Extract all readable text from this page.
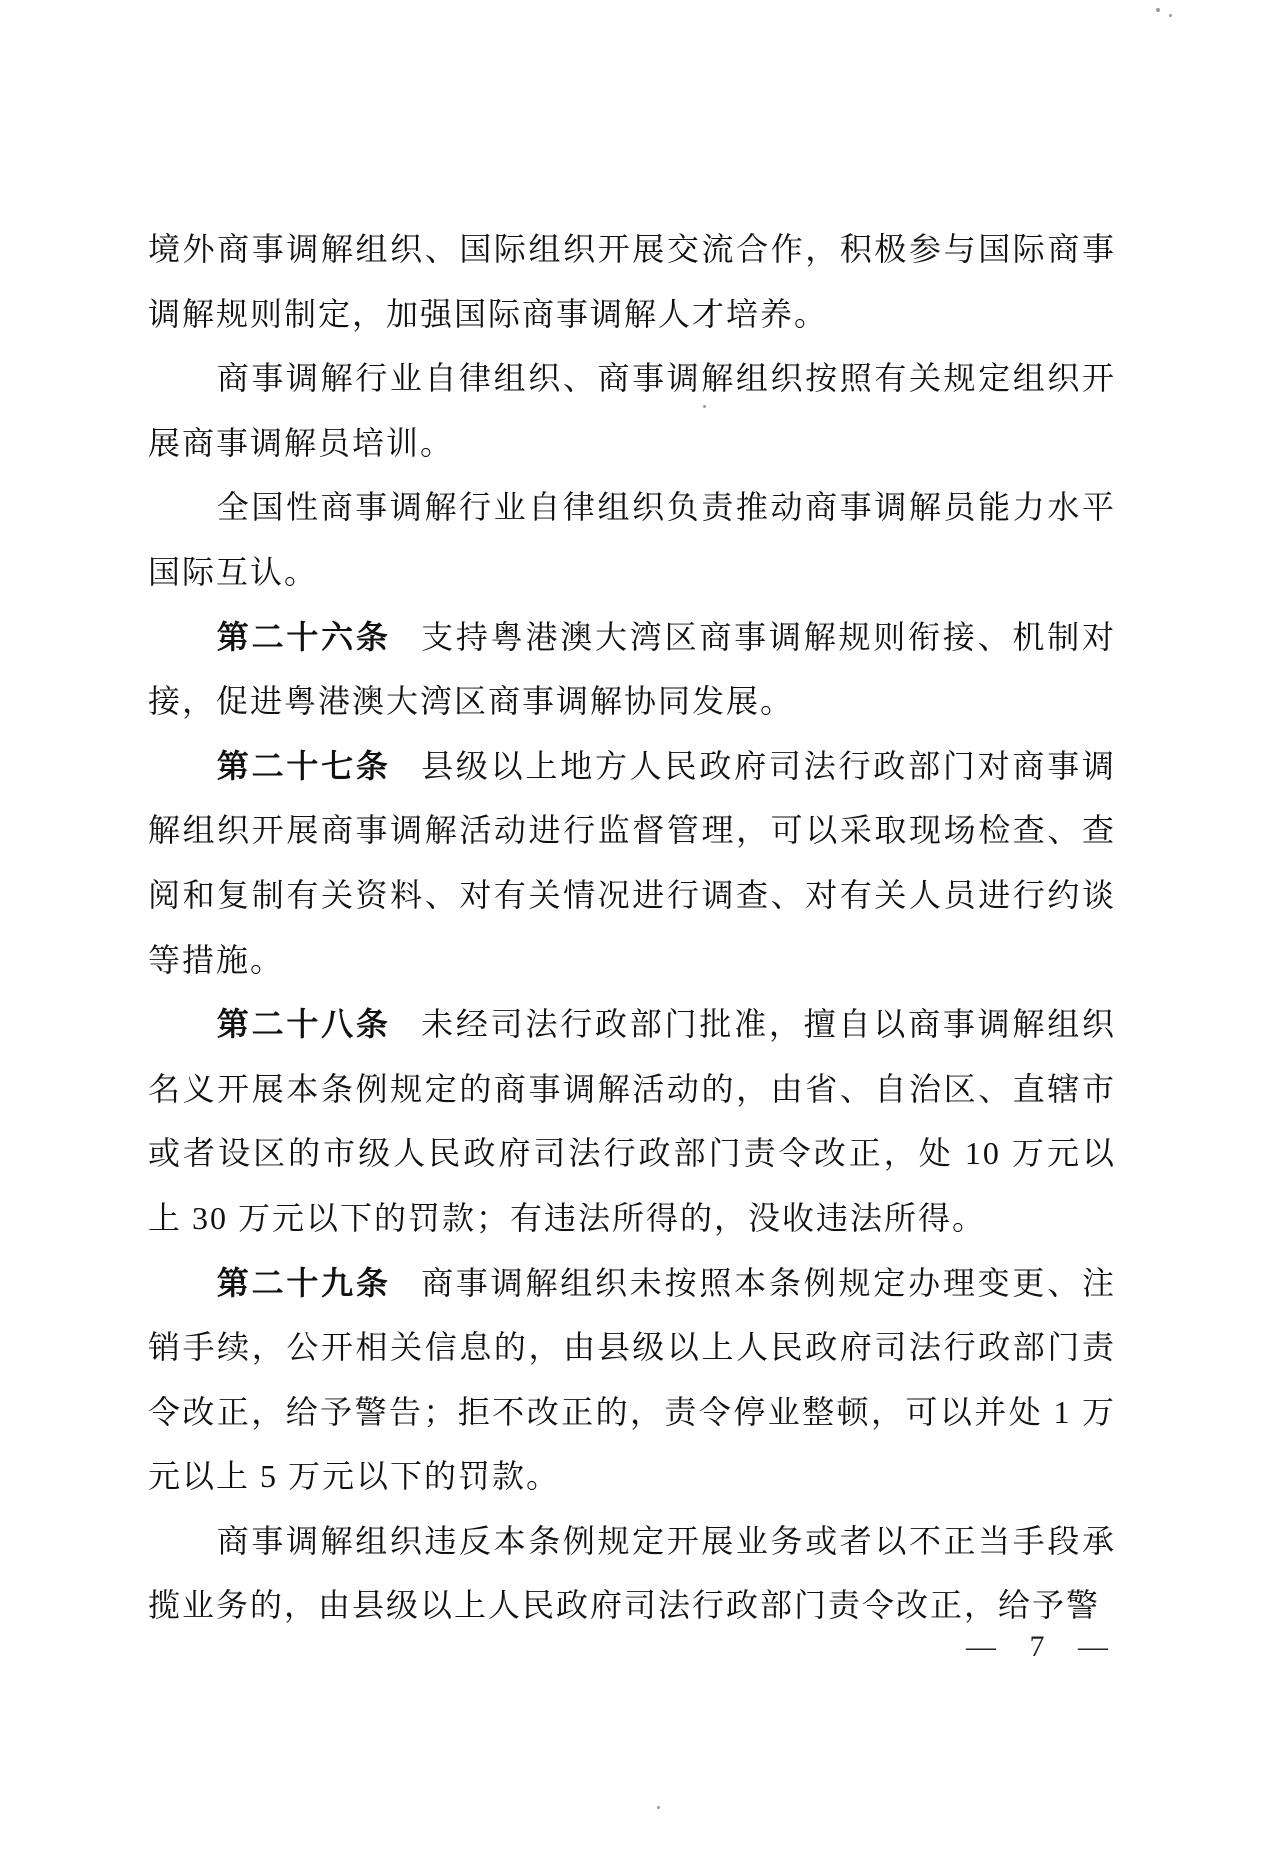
境外商事调解组织、国际组织开展交流合作，积极参与国际商事调解规则制定，加强国际商事调解人才培养。

商事调解行业自律组织、商事调解组织按照有关规定组织开展商事调解员培训。

全国性商事调解行业自律组织负责推动商事调解员能力水平国际互认。

第二十六条 支持粤港澳大湾区商事调解规则衔接、机制对接，促进粤港澳大湾区商事调解协同发展。

第二十七条 县级以上地方人民政府司法行政部门对商事调解组织开展商事调解活动进行监督管理，可以采取现场检查、查阅和复制有关资料、对有关情况进行调查、对有关人员进行约谈等措施。

第二十八条 未经司法行政部门批准，擅自以商事调解组织名义开展本条例规定的商事调解活动的，由省、自治区、直辖市或者设区的市级人民政府司法行政部门责令改正，处 10 万元以上 30 万元以下的罚款；有违法所得的，没收违法所得。

第二十九条 商事调解组织未按照本条例规定办理变更、注销手续，公开相关信息的，由县级以上人民政府司法行政部门责令改正，给予警告；拒不改正的，责令停业整顿，可以并处 1 万元以上 5 万元以下的罚款。

商事调解组织违反本条例规定开展业务或者以不正当手段承揽业务的，由县级以上人民政府司法行政部门责令改正，给予警

— 7 —
